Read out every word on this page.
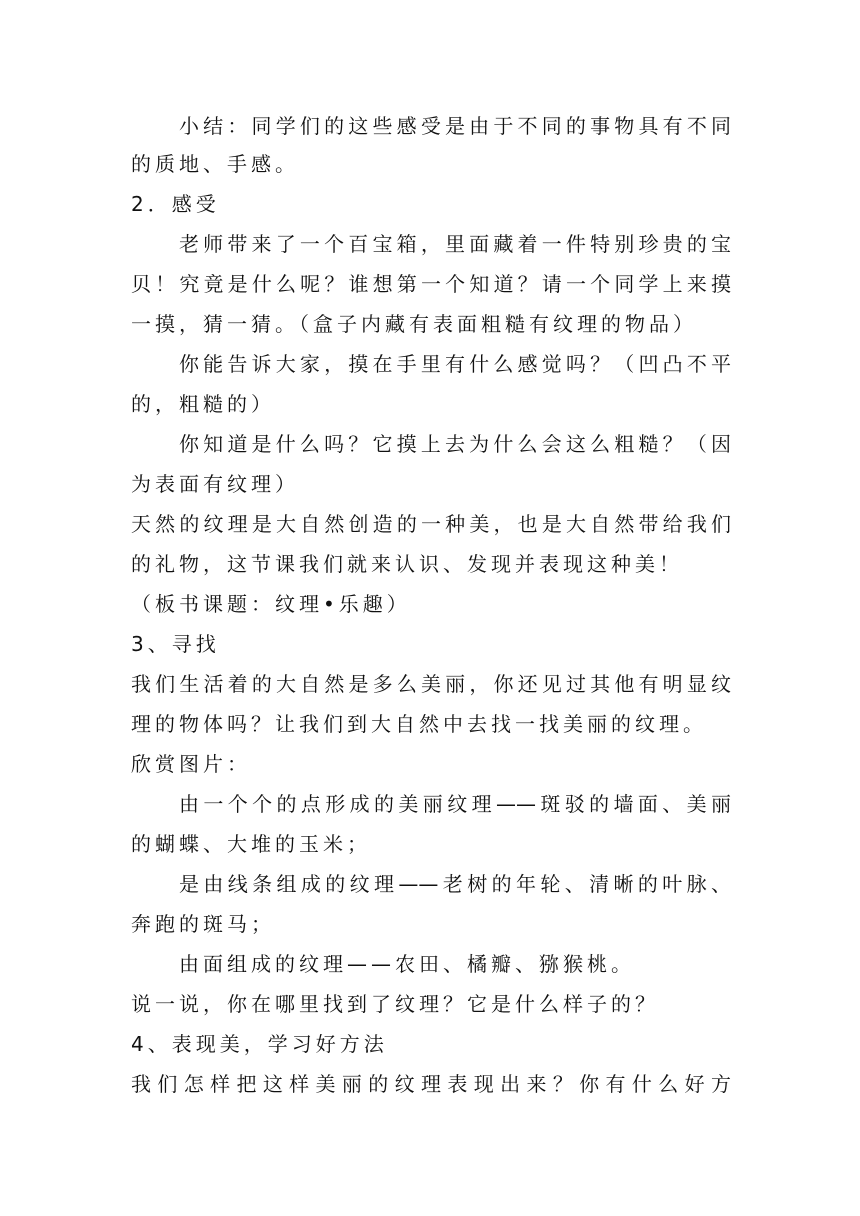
小结：同学们的这些感受是由于不同的事物具有不同
的质地、手感。
2．感受
老师带来了一个百宝箱，里面藏着一件特别珍贵的宝
贝！究竟是什么呢？谁想第一个知道？请一个同学上来摸
一摸，猜一猜。（盒子内藏有表面粗糙有纹理的物品）
你能告诉大家，摸在手里有什么感觉吗？（凹凸不平
的，粗糙的）
你知道是什么吗？它摸上去为什么会这么粗糙？（因
为表面有纹理）
天然的纹理是大自然创造的一种美，也是大自然带给我们
的礼物，这节课我们就来认识、发现并表现这种美！
（板书课题：纹理•乐趣）
3、寻找
我们生活着的大自然是多么美丽，你还见过其他有明显纹
理的物体吗？让我们到大自然中去找一找美丽的纹理。
欣赏图片：
由一个个的点形成的美丽纹理——斑驳的墙面、美丽
的蝴蝶、大堆的玉米；
是由线条组成的纹理——老树的年轮、清晰的叶脉、
奔跑的斑马；
由面组成的纹理——农田、橘瓣、猕猴桃。
说一说，你在哪里找到了纹理？它是什么样子的？
4、表现美，学习好方法
我们怎样把这样美丽的纹理表现出来？你有什么好方
